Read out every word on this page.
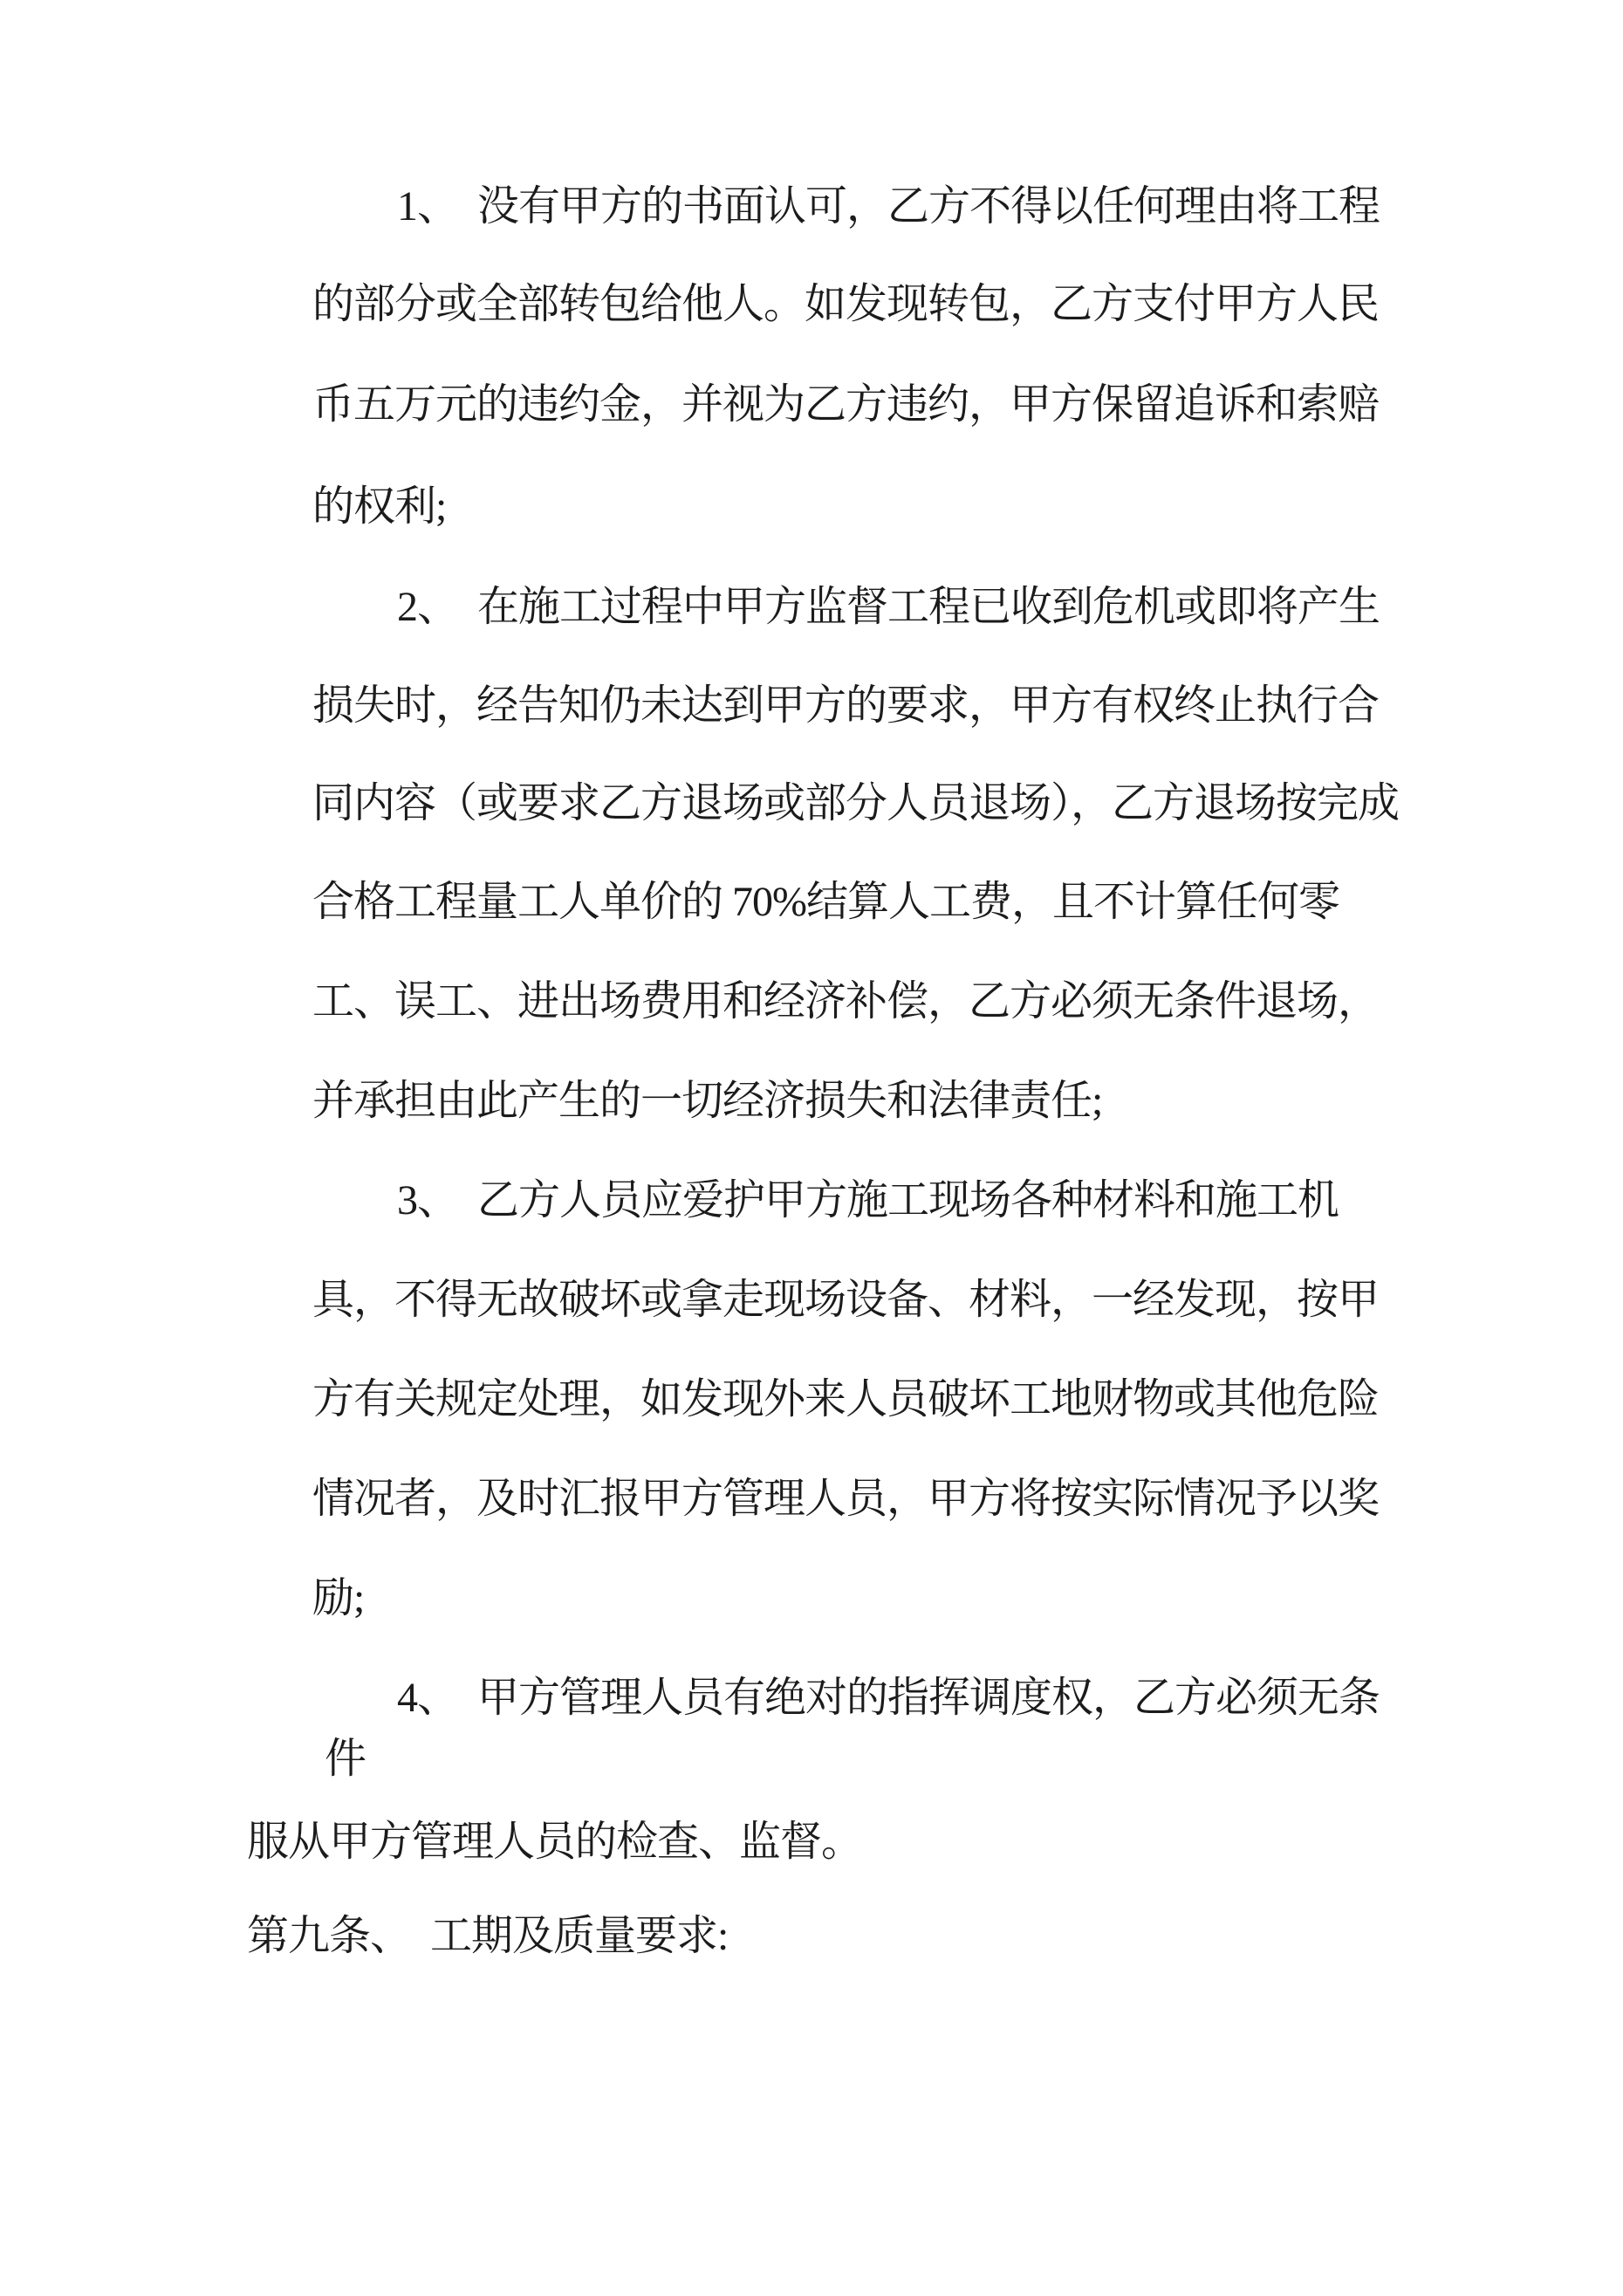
1、  没有甲方的书面认可，乙方不得以任何理由将工程
的部分或全部转包给他人。如发现转包，乙方支付甲方人民
币五万元的违约金，并视为乙方违约，甲方保留追诉和索赔
的权利;
2、  在施工过程中甲方监督工程已收到危机或即将产生
损失时，经告知仍未达到甲方的要求，甲方有权终止执行合
同内容（或要求乙方退场或部分人员退场），乙方退场按完成
合格工程量工人单价的 70%结算人工费，且不计算任何零
工、误工、进出场费用和经济补偿，乙方必须无条件退场，
并承担由此产生的一切经济损失和法律责任;
3、  乙方人员应爱护甲方施工现场各种材料和施工机
具，不得无故破坏或拿走现场设备、材料，一经发现，按甲
方有关规定处理，如发现外来人员破坏工地财物或其他危险
情况者，及时汇报甲方管理人员，甲方将按实际情况予以奖
励;
4、  甲方管理人员有绝对的指挥调度权，乙方必须无条
件
服从甲方管理人员的检查、监督。
第九条、  工期及质量要求:
